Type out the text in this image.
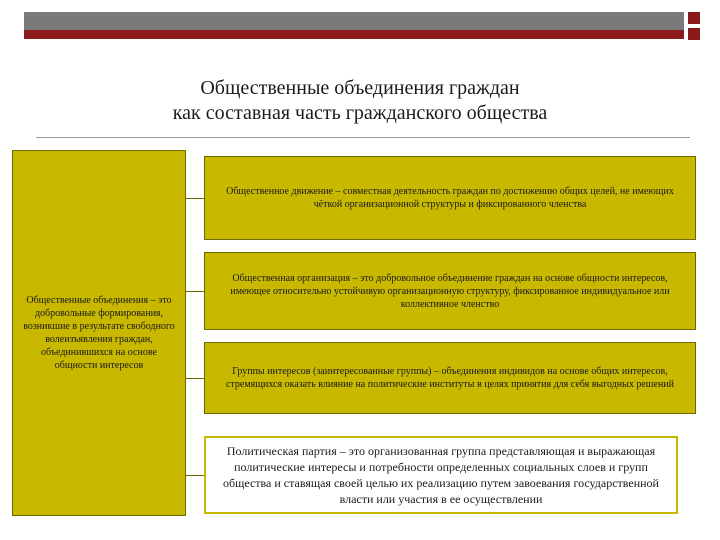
Общественные объединения граждан
как составная часть гражданского общества
Общественные объединения – это добровольные формирования, возникшие в результате свободного волеизъявления граждан, объединившихся на основе общности интересов
Общественное движение – совместная деятельность граждан по достижению общих целей, не имеющих чёткой организационной структуры и фиксированного членства
Общественная организация – это добровольное объединение граждан на основе общности интересов, имеющее относительно устойчивую организационную структуру, фиксированное индивидуальное или коллективное членство
Группы интересов (заинтересованные группы) – объединения индивидов на основе общих интересов, стремящихся оказать влияние на политические институты в целях принятия для себя выгодных решений
Политическая партия – это организованная группа представляющая и выражающая политические интересы и потребности определенных социальных слоев и групп общества и ставящая своей целью их реализацию путем завоевания государственной власти или участия в ее осуществлении
